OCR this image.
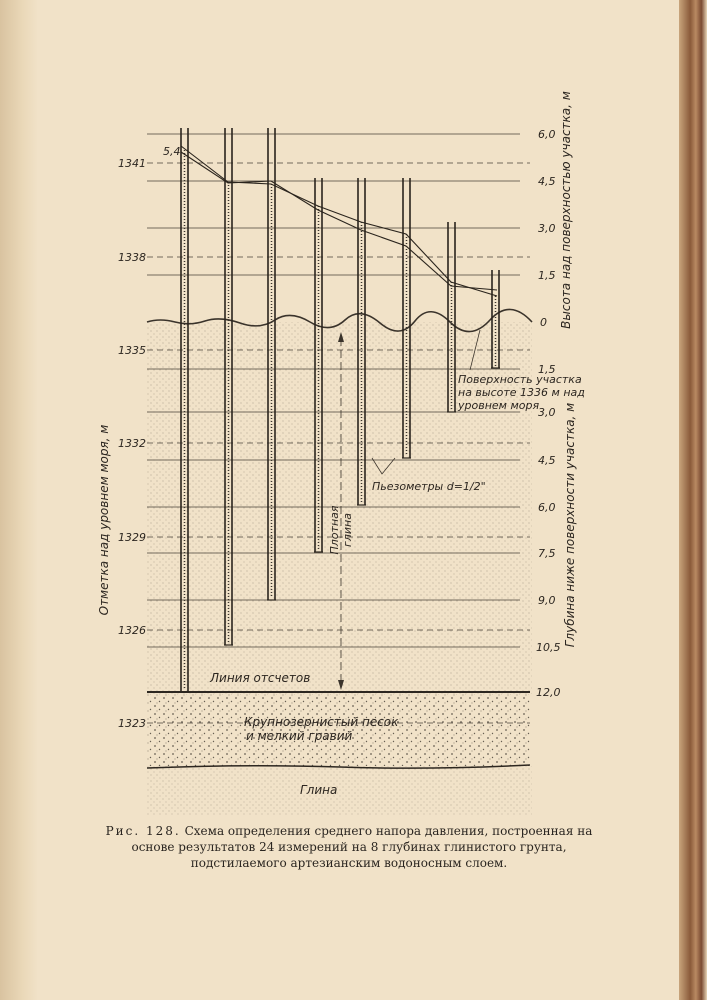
1341
1338
1335
1332
1329
1326
1323
Отметка над уровнем моря, м
6,0
4,5
3,0
1,5
0 Высота над поверхностью участка, м
1,5
3,0
4,5
6,0
7,5
9,0
10,5
12,0
Глубина ниже поверхности участка, м
5,4
Поверхность участка
на высоте 1336 м над
уровнем моря
Пьезометры d=1/2"
Плотная глина
Линия отсчетов
Крупнозернистый песок
и мелкий гравий
Глина
Рис. 128. Схема определения среднего напора давления, построенная на основе результатов 24 измерений на 8 глубинах глинистого грунта, подстилаемого артезианским водоносным слоем.
